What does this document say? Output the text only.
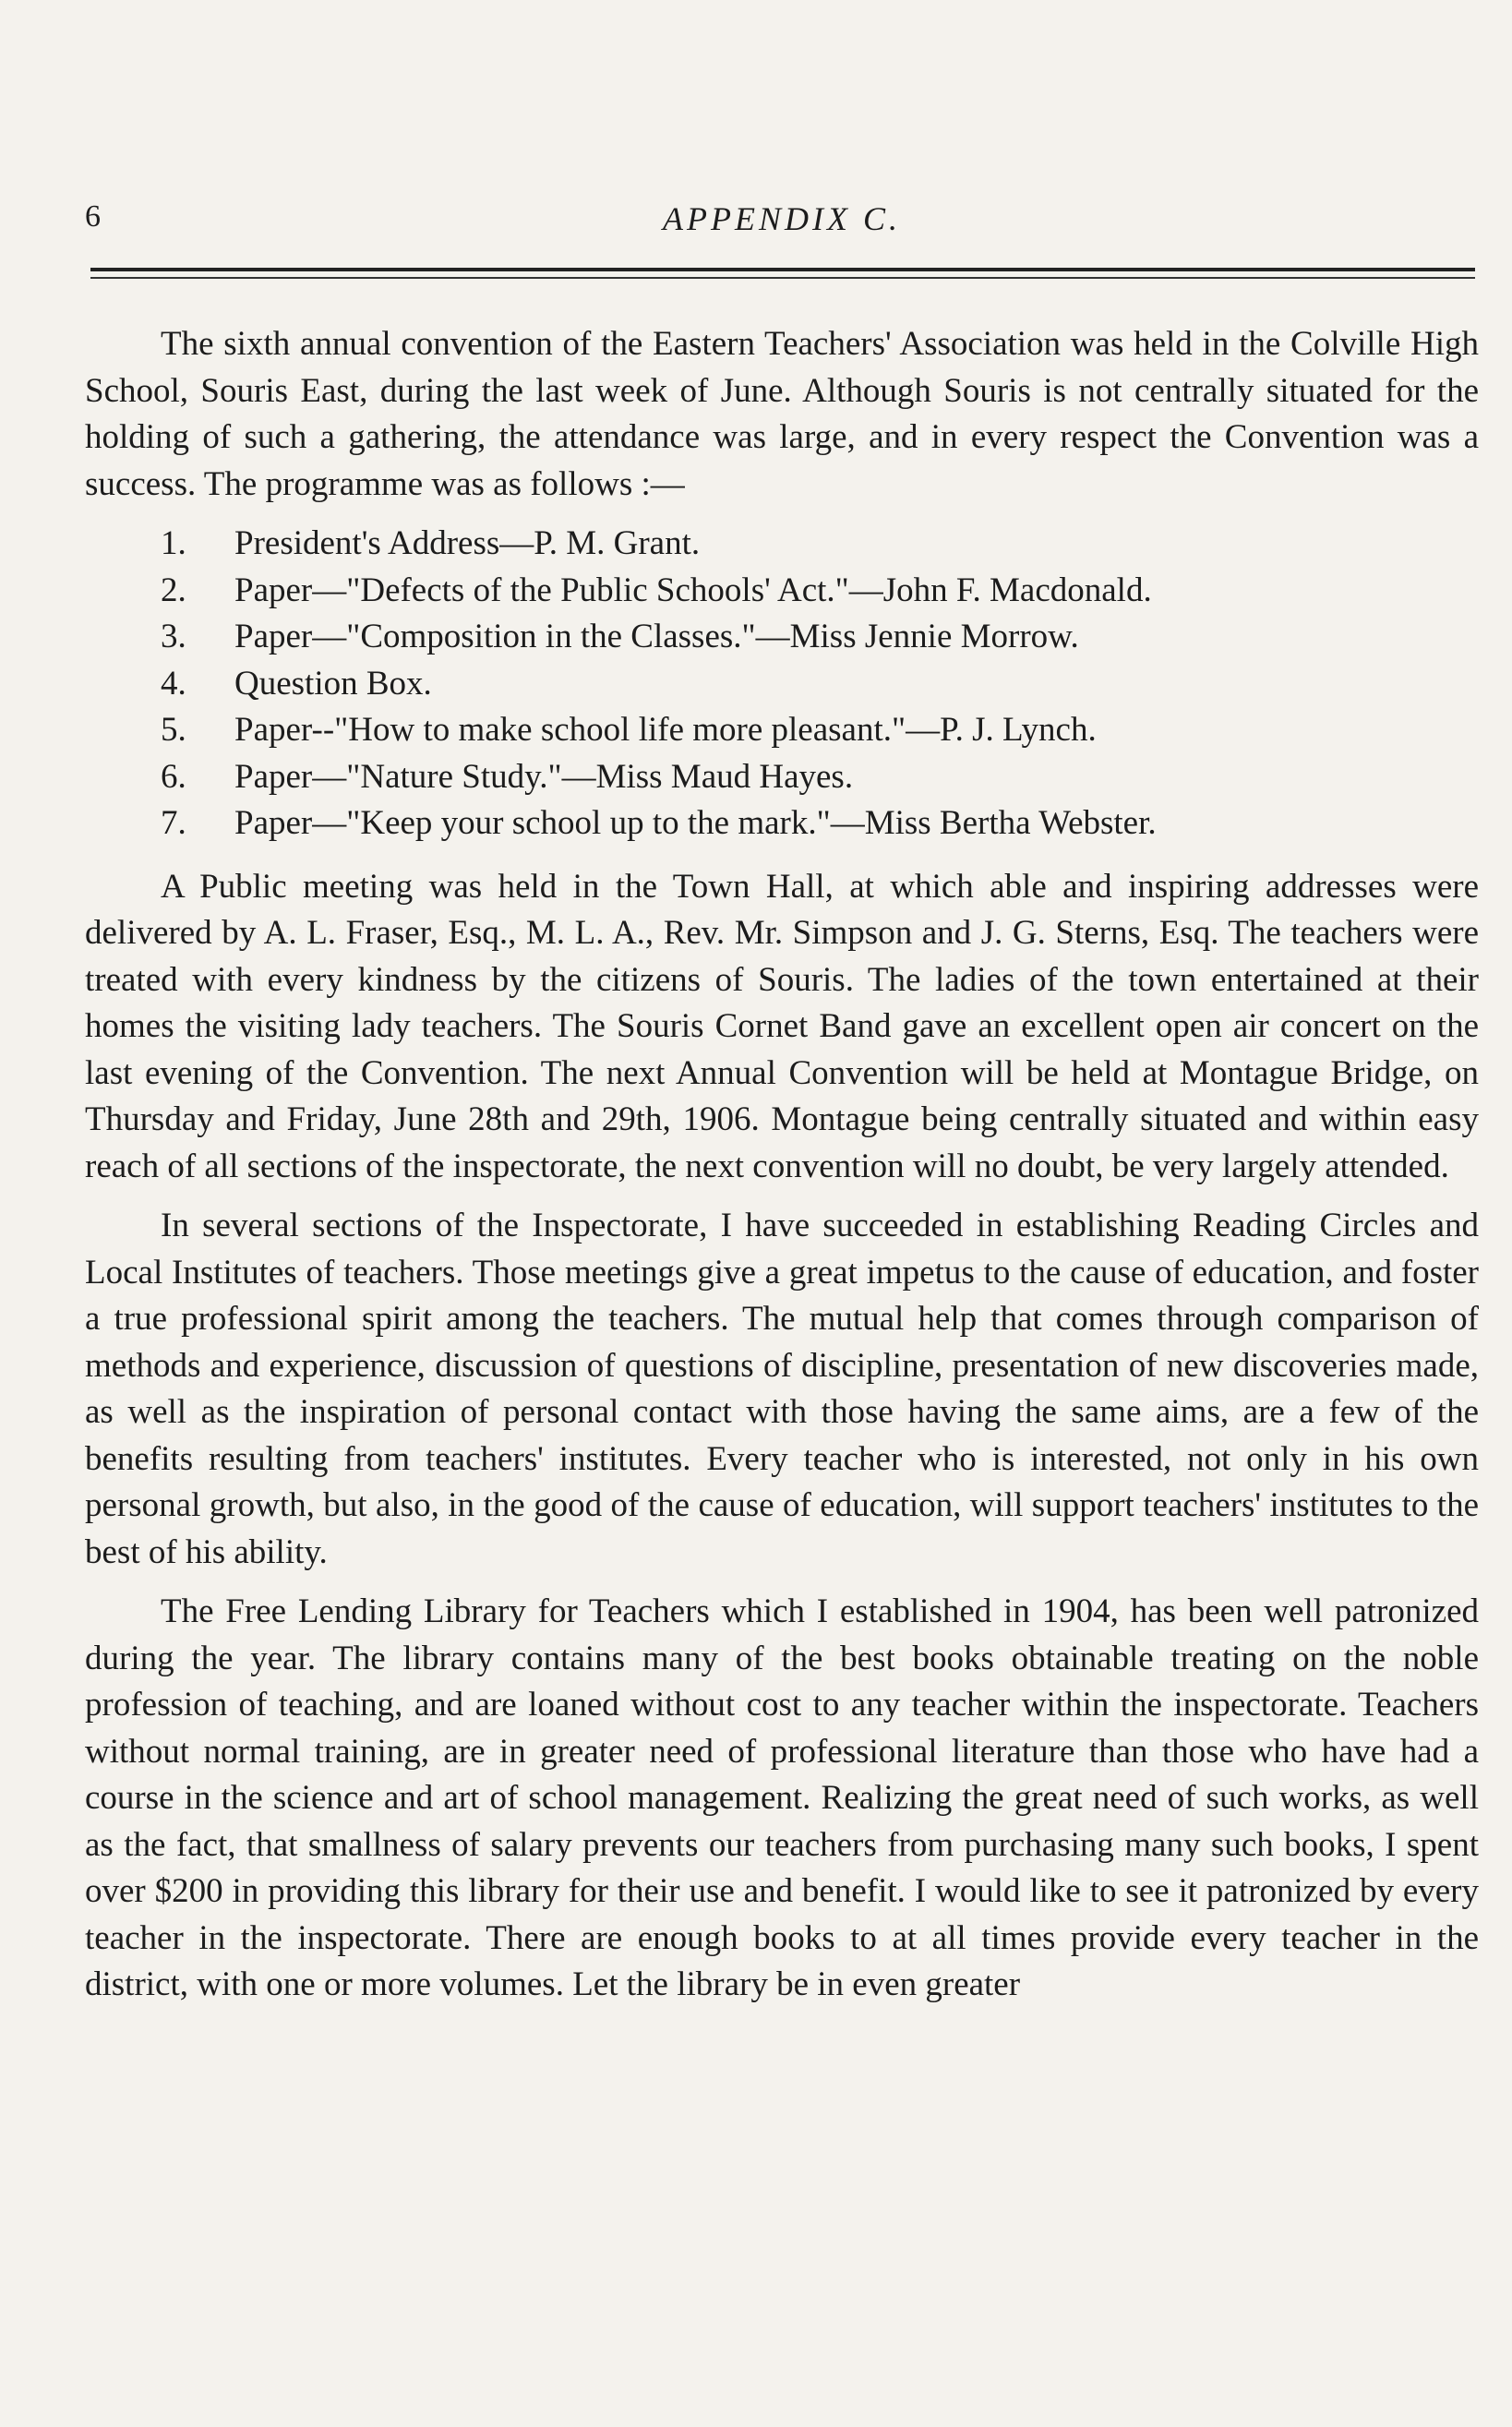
6	APPENDIX C.

The sixth annual convention of the Eastern Teachers' Association was held in the Colville High School, Souris East, during the last week of June. Although Souris is not centrally situated for the holding of such a gathering, the attendance was large, and in every respect the Convention was a success. The programme was as follows :—

1. President's Address—P. M. Grant.
2. Paper—"Defects of the Public Schools' Act."—John F. Macdonald.
3. Paper—"Composition in the Classes."—Miss Jennie Morrow.
4. Question Box.
5. Paper--"How to make school life more pleasant."—P. J. Lynch.
6. Paper—"Nature Study."—Miss Maud Hayes.
7. Paper—"Keep your school up to the mark."—Miss Bertha Webster.

A Public meeting was held in the Town Hall, at which able and inspiring addresses were delivered by A. L. Fraser, Esq., M. L. A., Rev. Mr. Simpson and J. G. Sterns, Esq. The teachers were treated with every kindness by the citizens of Souris. The ladies of the town entertained at their homes the visiting lady teachers. The Souris Cornet Band gave an excellent open air concert on the last evening of the Convention. The next Annual Convention will be held at Montague Bridge, on Thursday and Friday, June 28th and 29th, 1906. Montague being centrally situated and within easy reach of all sections of the inspectorate, the next convention will no doubt, be very largely attended.

In several sections of the Inspectorate, I have succeeded in establishing Reading Circles and Local Institutes of teachers. Those meetings give a great impetus to the cause of education, and foster a true professional spirit among the teachers. The mutual help that comes through comparison of methods and experience, discussion of questions of discipline, presentation of new discoveries made, as well as the inspiration of personal contact with those having the same aims, are a few of the benefits resulting from teachers' institutes. Every teacher who is interested, not only in his own personal growth, but also, in the good of the cause of education, will support teachers' institutes to the best of his ability.

The Free Lending Library for Teachers which I established in 1904, has been well patronized during the year. The library contains many of the best books obtainable treating on the noble profession of teaching, and are loaned without cost to any teacher within the inspectorate. Teachers without normal training, are in greater need of professional literature than those who have had a course in the science and art of school management. Realizing the great need of such works, as well as the fact, that smallness of salary prevents our teachers from purchasing many such books, I spent over $200 in providing this library for their use and benefit. I would like to see it patronized by every teacher in the inspectorate. There are enough books to at all times provide every teacher in the district, with one or more volumes. Let the library be in even greater
